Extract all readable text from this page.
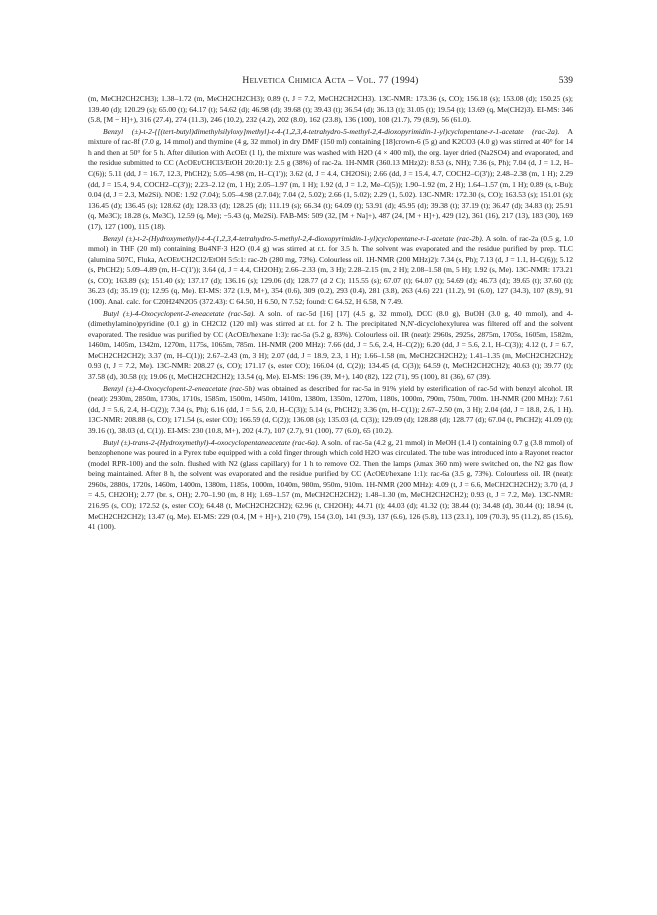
Helvetica Chimica Acta – Vol. 77 (1994)	539

(m, MeCH2CH2CH3); 1.38–1.72 (m, MeCH2CH2CH3); 0.89 (t, J = 7.2, MeCH2CH2CH3). 13C-NMR: 173.36 (s, CO); 156.18 (s); 153.08 (d); 150.25 (s); 139.40 (d); 120.29 (s); 65.00 (t); 64.17 (t); 54.62 (d); 46.98 (d); 39.68 (t); 39.43 (t); 36.54 (d); 36.13 (t); 31.05 (t); 19.54 (t); 13.69 (q, Me(CH2)3). EI-MS: 346 (5.8, [M − H]+), 316 (27.4), 274 (11.3), 246 (10.2), 232 (4.2), 202 (8.0), 162 (23.8), 136 (100), 108 (21.7), 79 (8.9), 56 (61.0).

Benzyl (±)-t-2-{[(tert-butyl)dimethylsilyloxy]methyl}-t-4-(1,2,3,4-tetrahydro-5-methyl-2,4-dioxopyrimidin-1-yl)cyclopentane-r-1-acetate (rac-2a). A mixture of rac-8f (7.0 g, 14 mmol) and thymine (4 g, 32 mmol) in dry DMF (150 ml) containing [18]crown-6 (5 g) and K2CO3 (4.0 g) was stirred at 40° for 14 h and then at 50° for 5 h. After dilution with AcOEt (1 l), the mixture was washed with H2O (4 × 400 ml), the org. layer dried (Na2SO4) and evaporated, and the residue submitted to CC (AcOEt/CHCl3/EtOH 20:20:1): 2.5 g (38%) of rac-2a. 1H-NMR (360.13 MHz)2): 8.53 (s, NH); 7.36 (s, Ph); 7.04 (d, J = 1.2, H–C(6)); 5.11 (dd, J = 16.7, 12.3, PhCH2); 5.05–4.98 (m, H–C(1')); 3.62 (d, J = 4.4, CH2OSi); 2.66 (dd, J = 15.4, 4.7, COCH2–C(3')); 2.48–2.38 (m, 1 H); 2.29 (dd, J = 15.4, 9.4, COCH2–C(3')); 2.23–2.12 (m, 1 H); 2.05–1.97 (m, 1 H); 1.92 (d, J = 1.2, Me–C(5)); 1.90–1.92 (m, 2 H); 1.64–1.57 (m, 1 H); 0.89 (s, t-Bu); 0.04 (d, J = 2.3, Me2Si). NOE: 1.92 (7.04); 5.05–4.98 (2.7.04); 7.04 (2, 5.02); 2.66 (1, 5.02); 2.29 (1, 5.02). 13C-NMR: 172.30 (s, CO); 163.53 (s); 151.01 (s); 136.45 (d); 136.45 (s); 128.62 (d); 128.33 (d); 128.25 (d); 111.19 (s); 66.34 (t); 64.09 (t); 53.91 (d); 45.95 (d); 39.38 (t); 37.19 (t); 36.47 (d); 34.83 (t); 25.91 (q, Me3C); 18.28 (s, Me3C), 12.59 (q, Me); −5.43 (q, Me2Si). FAB-MS: 509 (32, [M + Na]+), 487 (24, [M + H]+), 429 (12), 361 (16), 217 (13), 183 (30), 169 (17), 127 (100), 115 (18).

Benzyl (±)-t-2-(Hydroxymethyl)-t-4-(1,2,3,4-tetrahydro-5-methyl-2,4-dioxopyrimidin-1-yl)cyclopentane-r-1-acetate (rac-2b). A soln. of rac-2a (0.5 g, 1.0 mmol) in THF (20 ml) containing Bu4NF·3 H2O (0.4 g) was stirred at r.t. for 3.5 h. The solvent was evaporated and the residue purified by prep. TLC (alumina 507C, Fluka, AcOEt/CH2Cl2/EtOH 5:5:1: rac-2b (280 mg, 73%). Colourless oil. 1H-NMR (200 MHz)2): 7.34 (s, Ph); 7.13 (d, J = 1.1, H–C(6)); 5.12 (s, PhCH2); 5.09–4.89 (m, H–C(1')); 3.64 (d, J = 4.4, CH2OH); 2.66–2.33 (m, 3 H); 2.28–2.15 (m, 2 H); 2.08–1.58 (m, 5 H); 1.92 (s, Me). 13C-NMR: 173.21 (s, CO); 163.89 (s); 151.40 (s); 137.17 (d); 136.16 (s); 129.06 (d); 128.77 (d 2 C); 115.55 (s); 67.07 (t); 64.07 (t); 54.69 (d); 46.73 (d); 39.65 (t); 37.60 (t); 36.23 (d); 35.19 (t); 12.95 (q, Me). EI-MS: 372 (1.9, M+), 354 (0.6), 309 (0.2), 293 (0.4), 281 (3.8), 263 (4.6) 221 (11.2), 91 (6.0), 127 (34.3), 107 (8.9), 91 (100). Anal. calc. for C20H24N2O5 (372.43): C 64.50, H 6.50, N 7.52; found: C 64.52, H 6.58, N 7.49.

Butyl (±)-4-Oxocyclopent-2-eneacetate (rac-5a). A soln. of rac-5d [16] [17] (4.5 g, 32 mmol), DCC (8.0 g), BuOH (3.0 g, 40 mmol), and 4-(dimethylamino)pyridine (0.1 g) in CH2Cl2 (120 ml) was stirred at r.t. for 2 h. The precipitated N,N'-dicyclohexylurea was filtered off and the solvent evaporated. The residue was purified by CC (AcOEt/hexane 1:3): rac-5a (5.2 g, 83%). Colourless oil. IR (neat): 2960s, 2925s, 2875m, 1705s, 1605m, 1582m, 1460m, 1405m, 1342m, 1270m, 1175s, 1065m, 785m. 1H-NMR (200 MHz): 7.66 (dd, J = 5.6, 2.4, H–C(2)); 6.20 (dd, J = 5.6, 2.1, H–C(3)); 4.12 (t, J = 6.7, MeCH2CH2CH2); 3.37 (m, H–C(1)); 2.67–2.43 (m, 3 H); 2.07 (dd, J = 18.9, 2.3, 1 H); 1.66–1.58 (m, MeCH2CH2CH2); 1.41–1.35 (m, MeCH2CH2CH2); 0.93 (t, J = 7.2, Me). 13C-NMR: 208.27 (s, CO); 171.17 (s, ester CO); 166.04 (d, C(2)); 134.45 (d, C(3)); 64.59 (t, MeCH2CH2CH2); 40.63 (t); 39.77 (t); 37.58 (d), 30.58 (t); 19.06 (t, MeCH2CH2CH2); 13.54 (q, Me). EI-MS: 196 (39, M+), 140 (82), 122 (71), 95 (100), 81 (36), 67 (39).

Benzyl (±)-4-Oxocyclopent-2-eneacetate (rac-5b) was obtained as described for rac-5a in 91% yield by esterification of rac-5d with benzyl alcohol. IR (neat): 2930m, 2850m, 1730s, 1710s, 1585m, 1500m, 1450m, 1410m, 1380m, 1350m, 1270m, 1180s, 1000m, 790m, 750m, 700m. 1H-NMR (200 MHz): 7.61 (dd, J = 5.6, 2.4, H–C(2)); 7.34 (s, Ph); 6.16 (dd, J = 5.6, 2.0, H–C(3)); 5.14 (s, PhCH2); 3.36 (m, H–C(1)); 2.67–2.50 (m, 3 H); 2.04 (dd, J = 18.8, 2.6, 1 H). 13C-NMR: 208.88 (s, CO); 171.54 (s, ester CO); 166.59 (d, C(2)); 136.08 (s); 135.03 (d, C(3)); 129.09 (d); 128.88 (d); 128.77 (d); 67.04 (t, PhCH2); 41.09 (t); 39.16 (t), 38.03 (d, C(1)). EI-MS: 230 (10.8, M+), 202 (4.7), 107 (2.7), 91 (100), 77 (6.0), 65 (10.2).

Butyl (±)-trans-2-(Hydroxymethyl)-4-oxocyclopentaneacetate (rac-6a). A soln. of rac-5a (4.2 g, 21 mmol) in MeOH (1.4 l) containing 0.7 g (3.8 mmol) of benzophenone was poured in a Pyrex tube equipped with a cold finger through which cold H2O was circulated. The tube was introduced into a Rayonet reactor (model RPR-100) and the soln. flushed with N2 (glass capillary) for 1 h to remove O2. Then the lamps (λmax 360 nm) were switched on, the N2 gas flow being maintained. After 8 h, the solvent was evaporated and the residue purified by CC (AcOEt/hexane 1:1): rac-6a (3.5 g, 73%). Colourless oil. IR (neat): 2960s, 2880s, 1720s, 1460m, 1400m, 1380m, 1185s, 1000m, 1040m, 980m, 950m, 910m. 1H-NMR (200 MHz): 4.09 (t, J = 6.6, MeCH2CH2CH2); 3.70 (d, J = 4.5, CH2OH); 2.77 (br. s, OH); 2.70–1.90 (m, 8 H); 1.69–1.57 (m, MeCH2CH2CH2); 1.48–1.30 (m, MeCH2CH2CH2); 0.93 (t, J = 7.2, Me). 13C-NMR: 216.95 (s, CO); 172.52 (s, ester CO); 64.48 (t, MeCH2CH2CH2); 62.96 (t, CH2OH); 44.71 (t); 44.03 (d); 41.32 (t); 38.44 (t); 34.48 (d), 30.44 (t); 18.94 (t, MeCH2CH2CH2); 13.47 (q, Me). EI-MS: 229 (0.4, [M + H]+), 210 (79), 154 (3.0), 141 (9.3), 137 (6.6), 126 (5.8), 113 (23.1), 109 (70.3), 95 (11.2), 85 (15.6), 41 (100).
